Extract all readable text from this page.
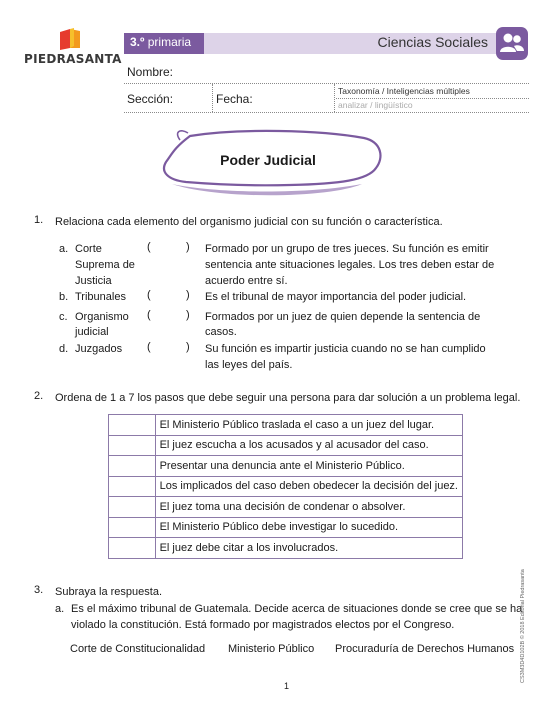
PIEDRASANTA
3.º primaria	Ciencias Sociales
Nombre:
Sección:	Fecha:
Taxonomía / Inteligencias múltiples
analizar / lingüístico
Poder Judicial
1. Relaciona cada elemento del organismo judicial con su función o característica.
a. Corte
Suprema de
Justicia
(	) Formado por un grupo de tres jueces. Su función es emitir
sentencia ante situaciones legales. Los tres deben estar de
acuerdo entre sí.
b. Tribunales (	) Es el tribunal de mayor importancia del poder judicial.
c. Organismo
judicial
(	) Formados por un juez de quien depende la sentencia de
casos.
d. Juzgados (	) Su función es impartir justicia cuando no se han cumplido
las leyes del país.
2. Ordena de 1 a 7 los pasos que debe seguir una persona para dar solución a un problema legal.
	El Ministerio Público traslada el caso a un juez del lugar.
	El juez escucha a los acusados y al acusador del caso.
	Presentar una denuncia ante el Ministerio Público.
	Los implicados del caso deben obedecer la decisión del juez.
	El juez toma una decisión de condenar o absolver.
	El Ministerio Público debe investigar lo sucedido.
	El juez debe citar a los involucrados.
3. Subraya la respuesta.
a. Es el máximo tribunal de Guatemala. Decide acerca de situaciones donde se cree que se ha
violado la constitución. Está formado por magistrados electos por el Congreso.
Corte de Constitucionalidad Ministerio Público Procuraduría de Derechos Humanos CS3M3D4D102B © 2018 Editorial Piedrasanta
1
